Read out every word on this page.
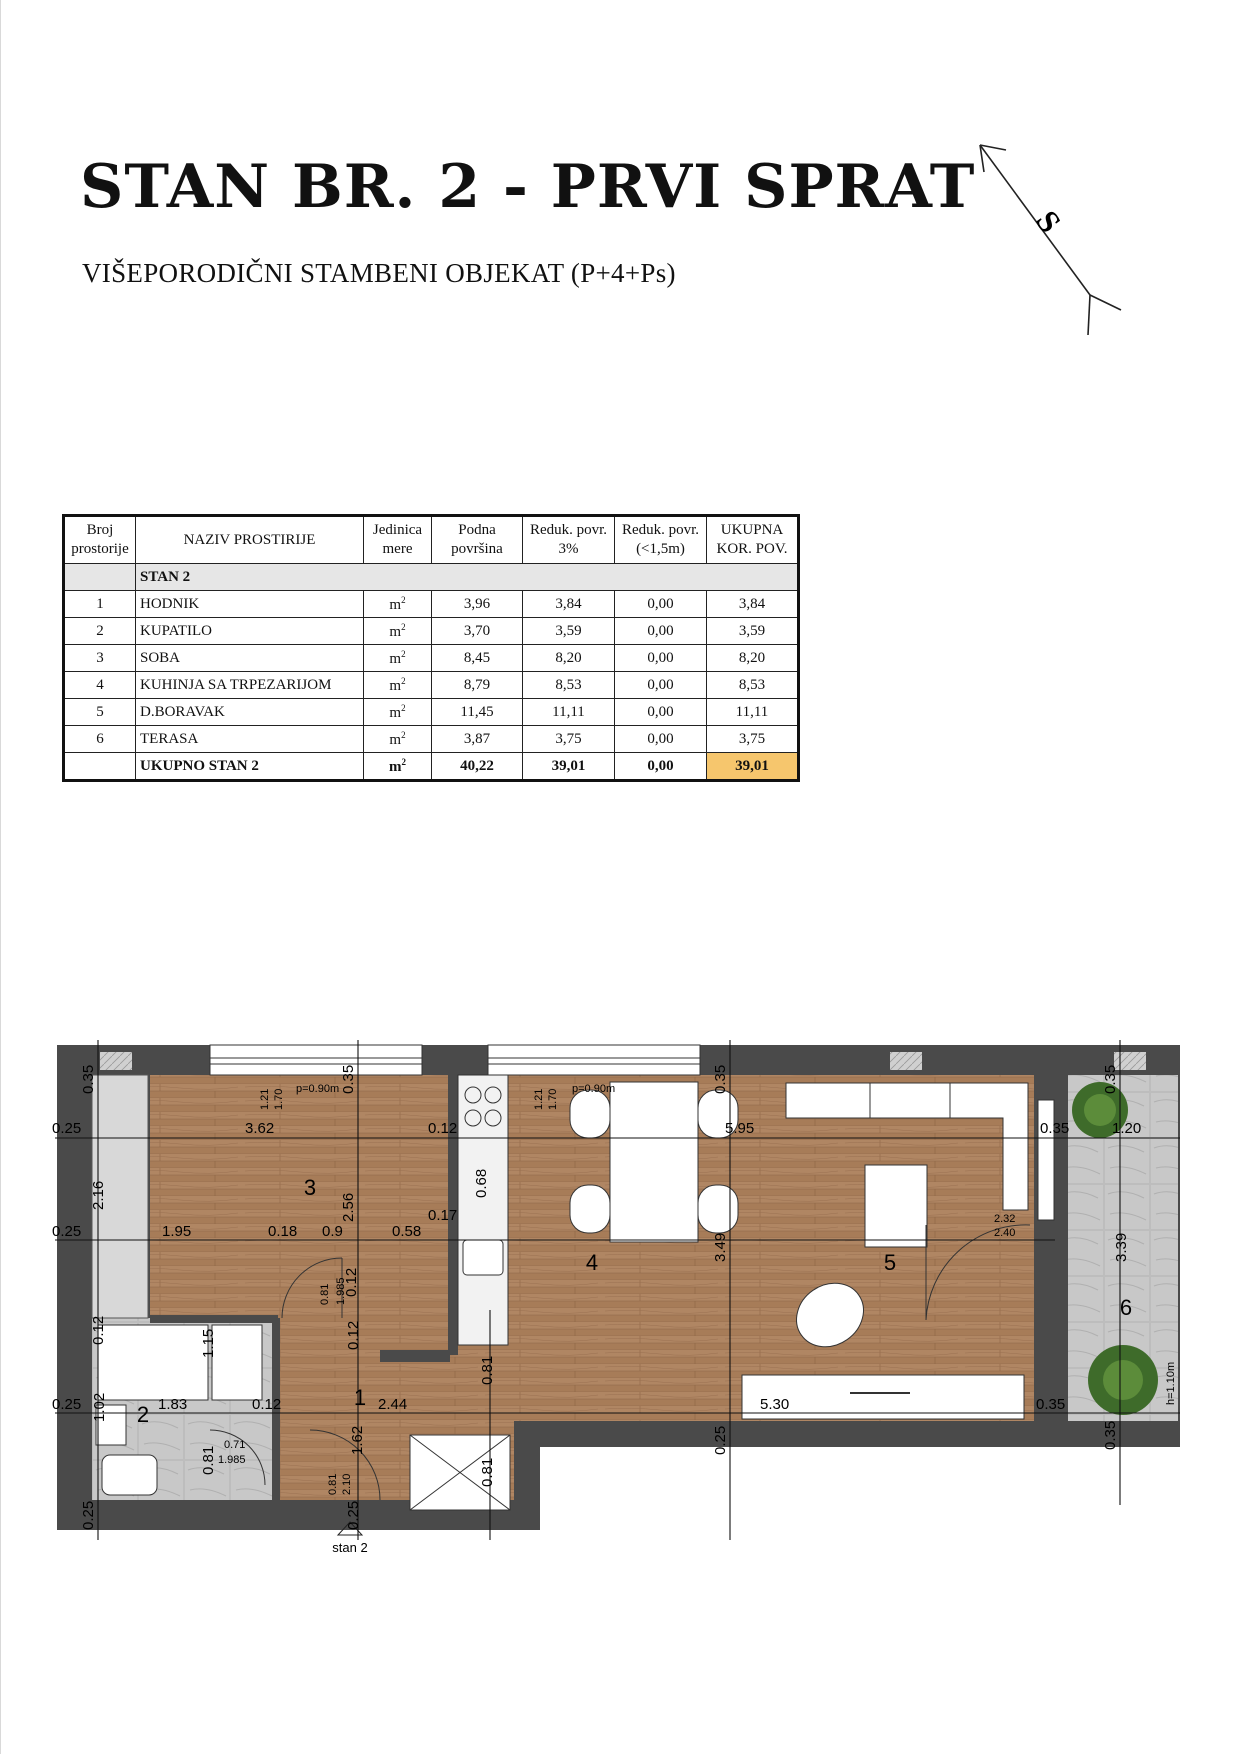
STAN BR. 2 - PRVI SPRAT
VIŠEPORODIČNI STAMBENI OBJEKAT (P+4+Ps)
S
Broj prostorije	NAZIV PROSTIRIJE	Jedinica mere	Podna površina	Reduk. povr. 3%	Reduk. povr. (<1,5m)	UKUPNA KOR. POV.
	STAN 2					
1	HODNIK	$m^2$	3,96	3,84	0,00	3,84
2	KUPATILO	$m^2$	3,70	3,59	0,00	3,59
3	SOBA	$m^2$	8,45	8,20	0,00	8,20
4	KUHINJA SA TRPEZARIJOM	$m^2$	8,79	8,53	0,00	8,53
5	D.BORAVAK	$m^2$	11,45	11,11	0,00	11,11
6	TERASA	$m^2$	3,87	3,75	0,00	3,75
	UKUPNO STAN 2	$m^2$	40,22	39,01	0,00	39,01
stan 2
3
4	5
6
1
2
3.62	0.12	5.95	0.35	1.20
0.25
0.25	1.95	0.18 0.9	0.58
0.17
0.25	1.83	0.12	2.44	5.30	0.35
0.35	0.35	0.35	0.35
2.16	2.56
3.49	3.39
1.15
0.12	0.12
1.62
0.81
0.81
0.68
1.02
0.81
0.25	0.25
0.25	0.35
0.12
1.21 1.70 p=0.90m	1.21 1.70 p=0.90m
0.81 1.985
0.71
1.985
0.81 2.10
2.32
2.40
h=1.10m
